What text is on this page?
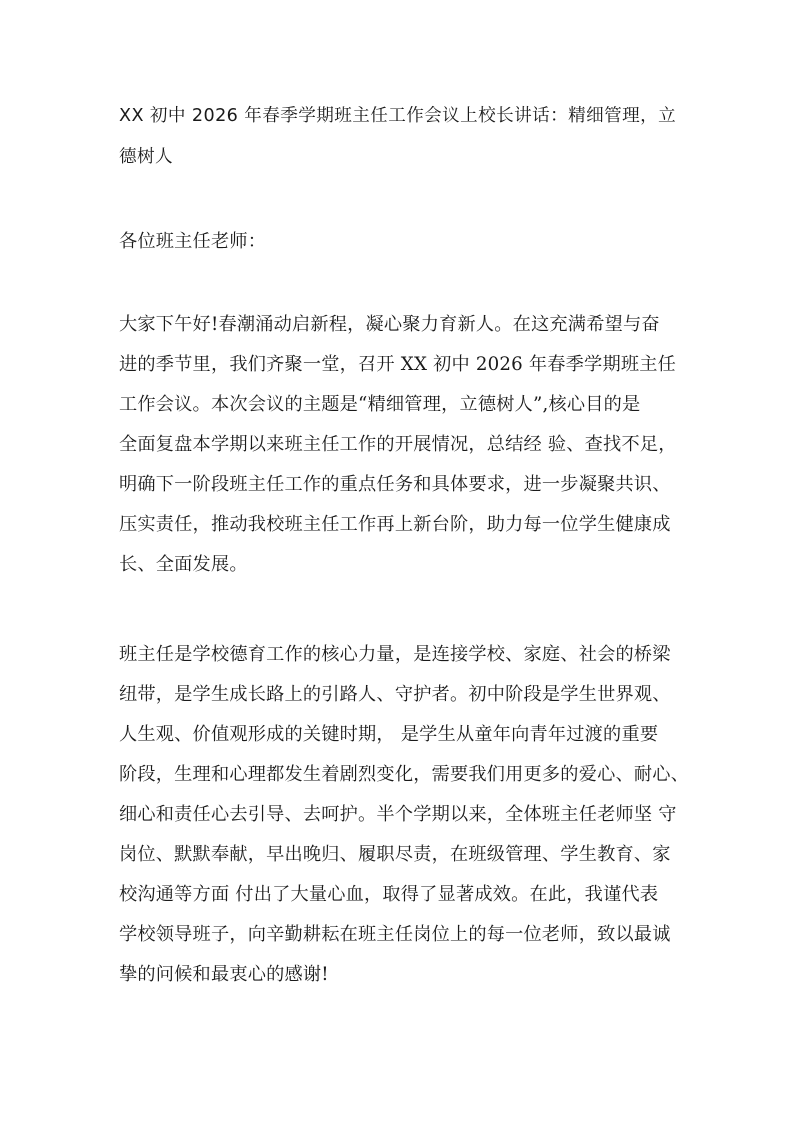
XX 初中 2026 年春季学期班主任工作会议上校长讲话：精细管理，立
德树人
各位班主任老师：
大家下午好!春潮涌动启新程，凝心聚力育新人。在这充满希望与奋
进的季节里，我们齐聚一堂，召开 XX 初中 2026 年春季学期班主任
工作会议。本次会议的主题是“精细管理，立德树人”,核心目的是
全面复盘本学期以来班主任工作的开展情况，总结经 验、查找不足，
明确下一阶段班主任工作的重点任务和具体要求，进一步凝聚共识、
压实责任，推动我校班主任工作再上新台阶，助力每一位学生健康成
长、全面发展。
班主任是学校德育工作的核心力量，是连接学校、家庭、社会的桥梁
纽带，是学生成长路上的引路人、守护者。初中阶段是学生世界观、
人生观、价值观形成的关键时期， 是学生从童年向青年过渡的重要
阶段，生理和心理都发生着剧烈变化，需要我们用更多的爱心、耐心、
细心和责任心去引导、去呵护。半个学期以来，全体班主任老师坚 守
岗位、默默奉献，早出晚归、履职尽责，在班级管理、学生教育、家
校沟通等方面 付出了大量心血，取得了显著成效。在此，我谨代表
学校领导班子，向辛勤耕耘在班主任岗位上的每一位老师，致以最诚
挚的问候和最衷心的感谢!
